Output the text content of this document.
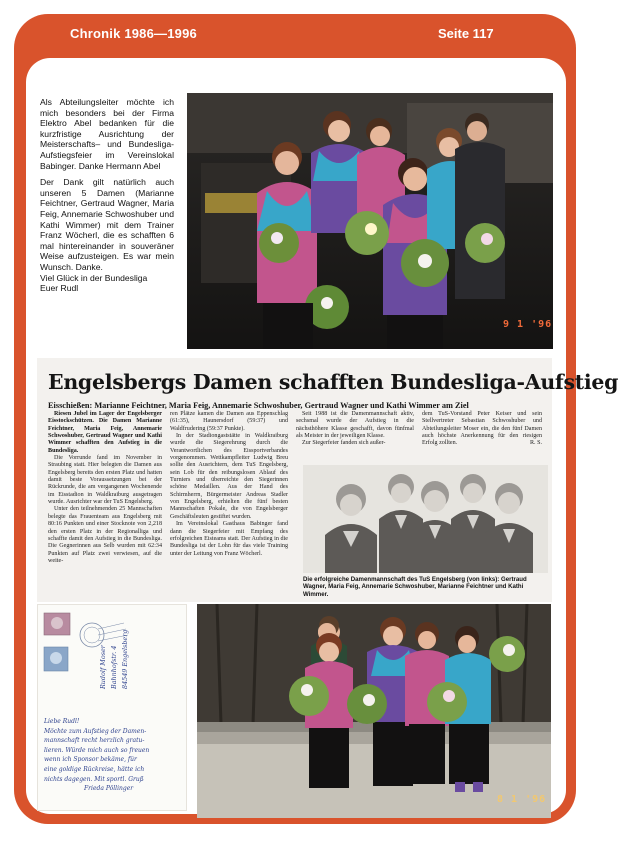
Chronik 1986—1996	Seite 117

Als Abteilungsleiter möchte ich mich besonders bei der Firma Elektro Abel bedanken für die kurzfristige Ausrichtung der Meisterschafts– und Bundesliga-Aufstiegsfeier im Vereinslokal Babinger. Danke Hermann Abel

Der Dank gilt natürlich auch unseren 5 Damen (Marianne Feichtner, Gertraud Wagner, Maria Feig, Annemarie Schwoshuber und Kathi Wimmer) mit dem Trainer Franz Wöcherl, die es schafften 6 mal hintereinander in souveräner Weise aufzusteigen. Es war mein Wunsch. Danke.

Viel Glück in der Bundesliga
Euer Rudl
9 1 '96
Engelsbergs Damen schafften Bundesliga-Aufstieg
Eisschießen: Marianne Feichtner, Maria Feig, Annemarie Schwoshuber, Gertraud Wagner und Kathi Wimmer am Ziel
Riesen Jubel im Lager der Engelsberger Eisstockschützen. Die Damen Marianne Feichtner, Maria Feig, Annemarie Schwoshuber, Gertraud Wagner und Kathi Wimmer schafften den Aufstieg in die Bundesliga.
Die Vorrunde fand im November in Straubing statt. Hier belegten die Damen aus Engelsberg bereits den ersten Platz und hatten damit beste Voraussetzungen bei der Rückrunde, die am vergangenen Wochenende im Eisstadion in Waldkraiburg ausgetragen wurde. Ausrichter war der TuS Engelsberg.
Unter den teilnehmenden 25 Mannschaften belegte das Frauenteam aus Engelsberg mit 80:16 Punkten und einer Stocknote von 2,218 den ersten Platz in der Regionalliga und schaffte damit den Aufstieg in die Bundesliga. Die Gegnerinnen aus Selb wurden mit 62:34 Punkten auf Platz zwei verwiesen, auf die weite-
ren Plätze kamen die Damen aus Eppenschlag (61:35), Haunersdorf (59:37) und Waldfrudering (59:37 Punkte).
In der Stadiongaststätte in Waldkraiburg wurde die Siegerehrung durch die Verantwortlichen des Eissportverbandes vorgenommen. Wettkampfleiter Ludwig Breu sollte den Ausrichtern, dem TuS Engelsberg, sein Lob für den reibungslosen Ablauf des Turniers und überreichte den Siegerinnen schöne Medaillen. Aus der Hand des Schirmherrn, Bürgermeister Andreas Stadler von Engelsberg, erhielten die fünf besten Mannschaften Pokale, die von Engelsberger Geschäftsleuten gestiftet wurden.
Im Vereinslokal Gasthaus Babinger fand dann die Siegerfeier mit Empfang des erfolgreichen Eisteams statt. Der Aufstieg in die Bundesliga ist der Lohn für das viele Training unter der Leitung von Franz Wöcherl.
Seit 1988 ist die Damenmannschaft aktiv, sechsmal wurde der Aufstieg in die nächsthöhere Klasse geschafft, davon fünfmal als Meister in der jeweiligen Klasse.
Zur Siegerfeier fanden sich außer-
dem TuS-Vorstand Peter Keiser und sein Stellvertreter Sebastian Schwoshuber und Abteilungsleiter Moser ein, die den fünf Damen auch höchste Anerkennung für den riesigen Erfolg zollten.	R. S.
Die erfolgreiche Damenmannschaft des TuS Engelsberg (von links): Gertraud Wagner, Maria Feig, Annemarie Schwoshuber, Marianne Feichtner und Kathi Wimmer.
Rudolf Moser Bahnhofstr. 4 84549 Engelsberg
Liebe Rudl!
Möchte zum Aufstieg der Damen-
mannschaft recht herzlich gratu-
lieren. Würde mich auch so freuen
wenn ich Sponsor bekäme, für
eine goldige Rückreise, hätte ich
nichts dagegen. Mit sportl. Gruß
Frieda Pöllinger
8 1 '96
